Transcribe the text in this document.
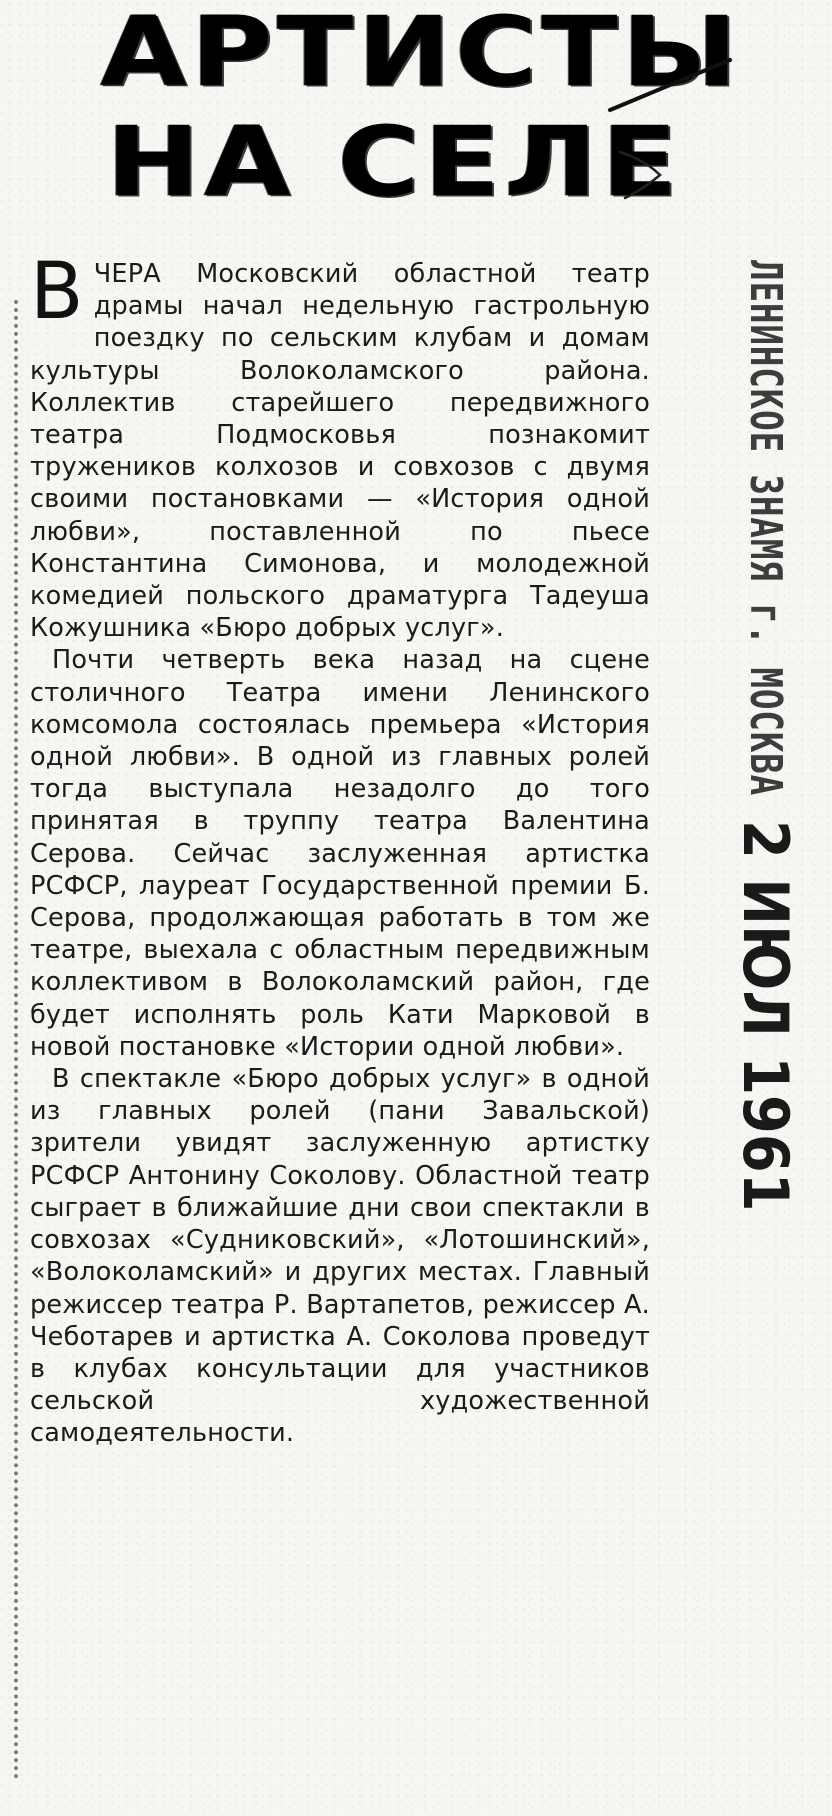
АРТИСТЫ
НА СЕЛЕ

ВЧЕРА Московский областной театр драмы начал недельную гастрольную поездку по сельским клубам и домам культуры Волоколамского района. Коллектив старейшего передвижного театра Подмосковья познакомит тружеников колхозов и совхозов с двумя своими постановками — «История одной любви», поставленной по пьесе Константина Симонова, и молодежной комедией польского драматурга Тадеуша Кожушника «Бюро добрых услуг».

Почти четверть века назад на сцене столичного Театра имени Ленинского комсомола состоялась премьера «История одной любви». В одной из главных ролей тогда выступала незадолго до того принятая в труппу театра Валентина Серова. Сейчас заслуженная артистка РСФСР, лауреат Государственной премии Б. Серова, продолжающая работать в том же театре, выехала с областным передвижным коллективом в Волоколамский район, где будет исполнять роль Кати Марковой в новой постановке «Истории одной любви».

В спектакле «Бюро добрых услуг» в одной из главных ролей (пани Завальской) зрители увидят заслуженную артистку РСФСР Антонину Соколову. Областной театр сыграет в ближайшие дни свои спектакли в совхозах «Судниковский», «Лотошинский», «Волоколамский» и других местах. Главный режиссер театра Р. Вартапетов, режиссер А. Чеботарев и артистка А. Соколова проведут в клубах консультации для участников сельской художественной самодеятельности.

ЛЕНИНСКОЕ ЗНАМЯ г. МОСКВА
2 ИЮЛ 1961
